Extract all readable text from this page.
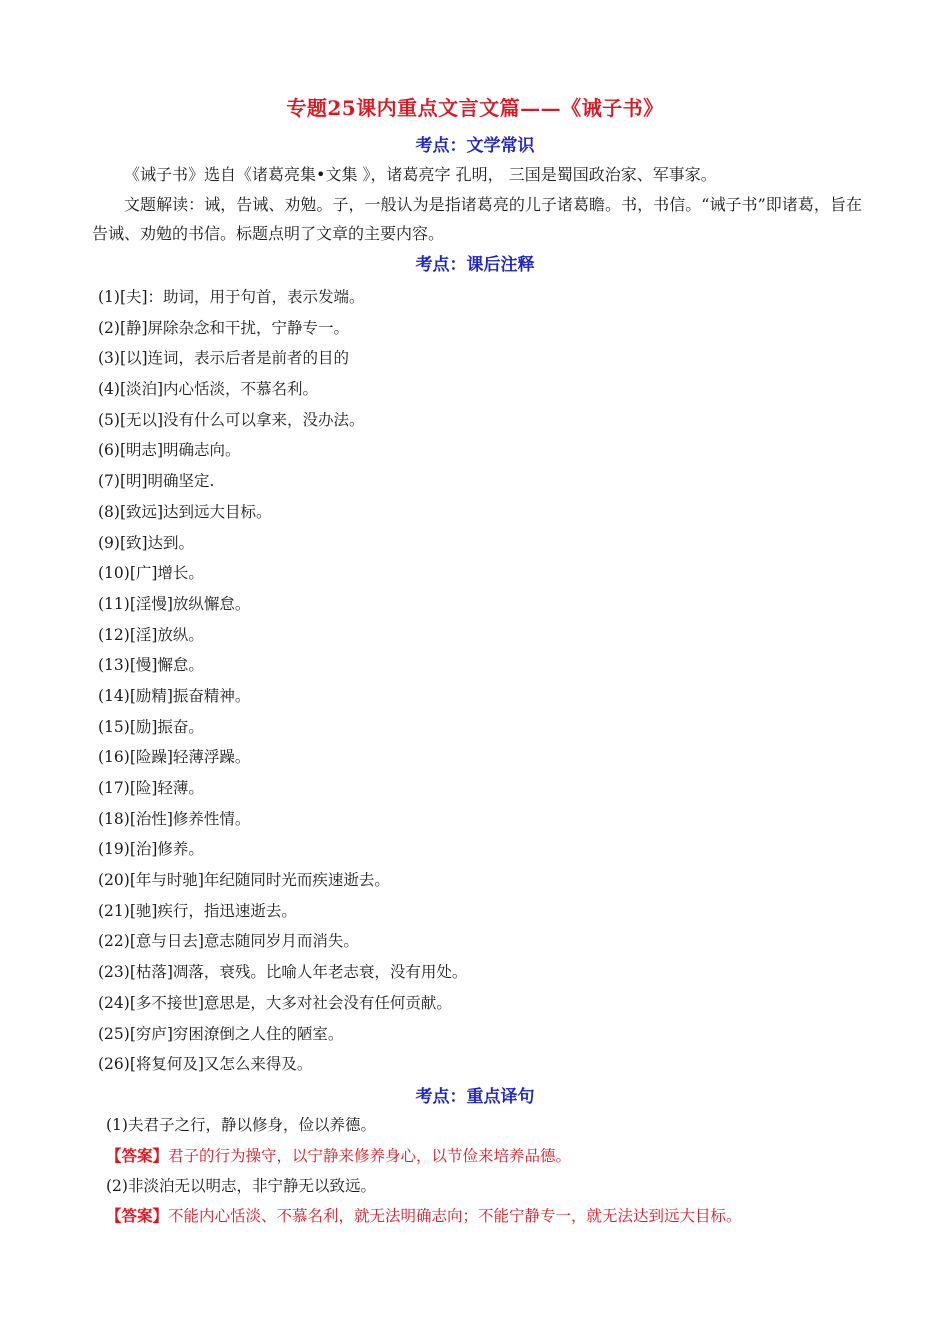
专题25课内重点文言文篇——《诫子书》
考点：文学常识
《诫子书》选自《诸葛亮集•文集 》，诸葛亮字 孔明， 三国是蜀国政治家、军事家。
文题解读：诫，告诫、劝勉。子，一般认为是指诸葛亮的儿子诸葛瞻。书，书信。“诫子书”即诸葛，旨在告诫、劝勉的书信。标题点明了文章的主要内容。
考点：课后注释
(1)[夫]：助词，用于句首，表示发端。
(2)[静]屏除杂念和干扰，宁静专一。
(3)[以]连词，表示后者是前者的目的
(4)[淡泊]内心恬淡，不慕名利。
(5)[无以]没有什么可以拿来，没办法。
(6)[明志]明确志向。
(7)[明]明确坚定.
(8)[致远]达到远大目标。
(9)[致]达到。
(10)[广]增长。
(11)[淫慢]放纵懈怠。
(12)[淫]放纵。
(13)[慢]懈怠。
(14)[励精]振奋精神。
(15)[励]振奋。
(16)[险躁]轻薄浮躁。
(17)[险]轻薄。
(18)[治性]修养性情。
(19)[治]修养。
(20)[年与时驰]年纪随同时光而疾速逝去。
(21)[驰]疾行，指迅速逝去。
(22)[意与日去]意志随同岁月而消失。
(23)[枯落]凋落，衰残。比喻人年老志衰，没有用处。
(24)[多不接世]意思是，大多对社会没有任何贡献。
(25)[穷庐]穷困潦倒之人住的陋室。
(26)[将复何及]又怎么来得及。
考点：重点译句
(1)夫君子之行，静以修身，俭以养德。
【答案】君子的行为操守，以宁静来修养身心，以节俭来培养品德。
(2)非淡泊无以明志，非宁静无以致远。
【答案】不能内心恬淡、不慕名利，就无法明确志向；不能宁静专一，就无法达到远大目标。
